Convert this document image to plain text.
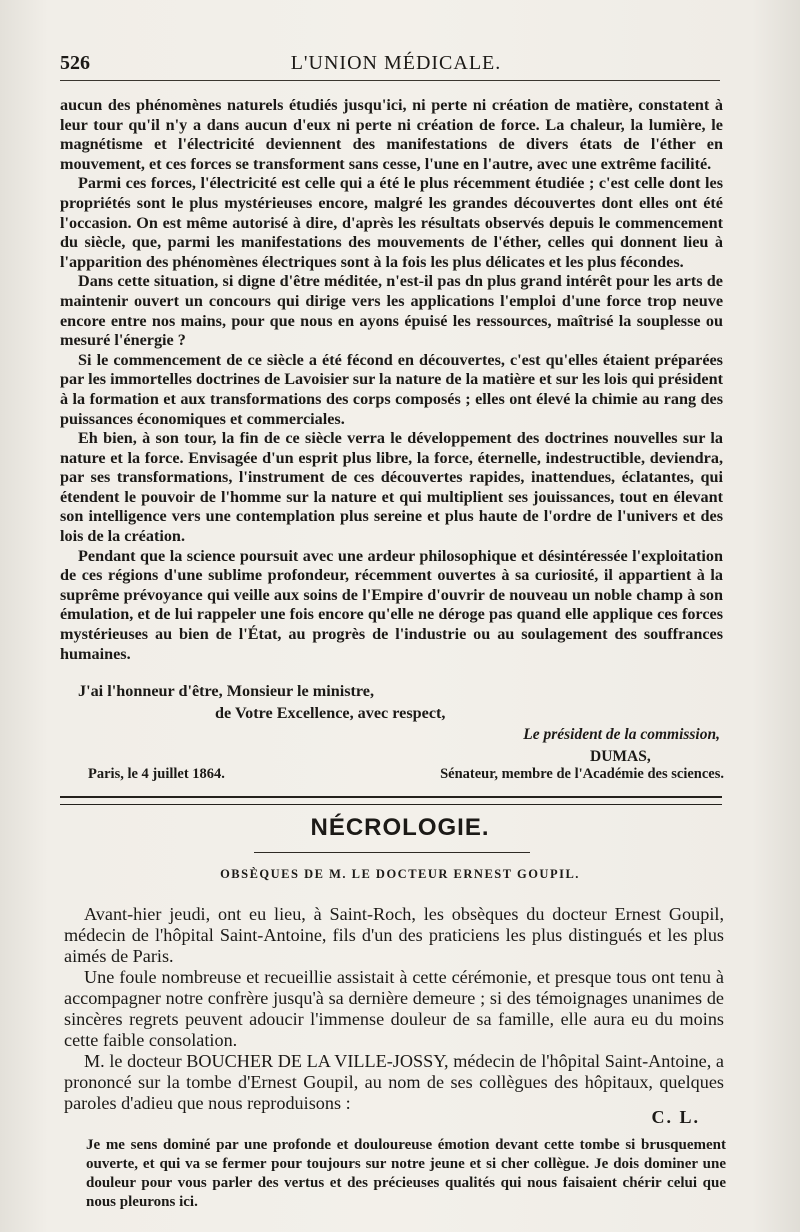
526	L'UNION MÉDICALE.

aucun des phénomènes naturels étudiés jusqu'ici, ni perte ni création de matière, constatent à leur tour qu'il n'y a dans aucun d'eux ni perte ni création de force. La chaleur, la lumière, le magnétisme et l'électricité deviennent des manifestations de divers états de l'éther en mouvement, et ces forces se transforment sans cesse, l'une en l'autre, avec une extrême facilité.

Parmi ces forces, l'électricité est celle qui a été le plus récemment étudiée ; c'est celle dont les propriétés sont le plus mystérieuses encore, malgré les grandes découvertes dont elles ont été l'occasion. On est même autorisé à dire, d'après les résultats observés depuis le commencement du siècle, que, parmi les manifestations des mouvements de l'éther, celles qui donnent lieu à l'apparition des phénomènes électriques sont à la fois les plus délicates et les plus fécondes.

Dans cette situation, si digne d'être méditée, n'est-il pas dn plus grand intérêt pour les arts de maintenir ouvert un concours qui dirige vers les applications l'emploi d'une force trop neuve encore entre nos mains, pour que nous en ayons épuisé les ressources, maîtrisé la souplesse ou mesuré l'énergie ?

Si le commencement de ce siècle a été fécond en découvertes, c'est qu'elles étaient préparées par les immortelles doctrines de Lavoisier sur la nature de la matière et sur les lois qui président à la formation et aux transformations des corps composés ; elles ont élevé la chimie au rang des puissances économiques et commerciales.

Eh bien, à son tour, la fin de ce siècle verra le développement des doctrines nouvelles sur la nature et la force. Envisagée d'un esprit plus libre, la force, éternelle, indestructible, deviendra, par ses transformations, l'instrument de ces découvertes rapides, inattendues, éclatantes, qui étendent le pouvoir de l'homme sur la nature et qui multiplient ses jouissances, tout en élevant son intelligence vers une contemplation plus sereine et plus haute de l'ordre de l'univers et des lois de la création.

Pendant que la science poursuit avec une ardeur philosophique et désintéressée l'exploitation de ces régions d'une sublime profondeur, récemment ouvertes à sa curiosité, il appartient à la suprême prévoyance qui veille aux soins de l'Empire d'ouvrir de nouveau un noble champ à son émulation, et de lui rappeler une fois encore qu'elle ne déroge pas quand elle applique ces forces mystérieuses au bien de l'État, au progrès de l'industrie ou au soulagement des souffrances humaines.

J'ai l'honneur d'être, Monsieur le ministre,
de Votre Excellence, avec respect,
Le président de la commission,
DUMAS,
Paris, le 4 juillet 1864.	Sénateur, membre de l'Académie des sciences.
NÉCROLOGIE.
OBSÈQUES DE M. LE DOCTEUR ERNEST GOUPIL.

Avant-hier jeudi, ont eu lieu, à Saint-Roch, les obsèques du docteur Ernest Goupil, médecin de l'hôpital Saint-Antoine, fils d'un des praticiens les plus distingués et les plus aimés de Paris.

Une foule nombreuse et recueillie assistait à cette cérémonie, et presque tous ont tenu à accompagner notre confrère jusqu'à sa dernière demeure ; si des témoignages unanimes de sincères regrets peuvent adoucir l'immense douleur de sa famille, elle aura eu du moins cette faible consolation.

M. le docteur BOUCHER DE LA VILLE-JOSSY, médecin de l'hôpital Saint-Antoine, a prononcé sur la tombe d'Ernest Goupil, au nom de ses collègues des hôpitaux, quelques paroles d'adieu que nous reproduisons :

C. L.

Je me sens dominé par une profonde et douloureuse émotion devant cette tombe si brusquement ouverte, et qui va se fermer pour toujours sur notre jeune et si cher collègue. Je dois dominer une douleur pour vous parler des vertus et des précieuses qualités qui nous faisaient chérir celui que nous pleurons ici.
